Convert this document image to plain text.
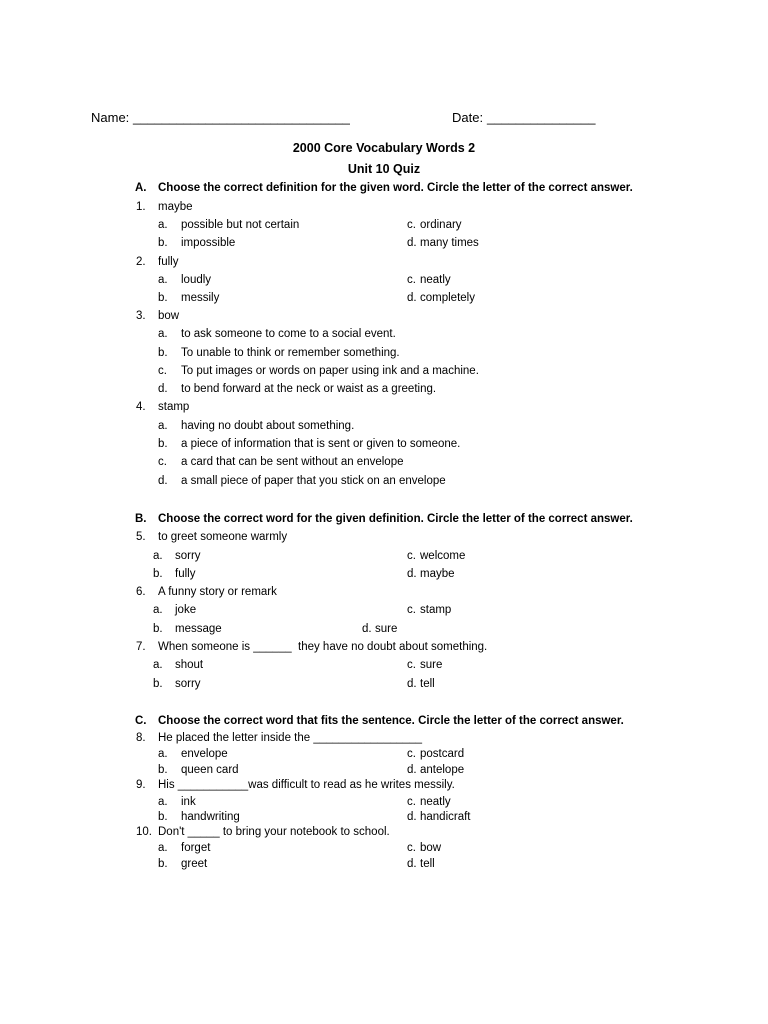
Name: ______________________________	Date: _______________
2000 Core Vocabulary Words 2
Unit 10 Quiz
A. Choose the correct definition for the given word. Circle the letter of the correct answer.
1. maybe
a. possible but not certain	c. ordinary
b. impossible	d. many times
2. fully
a. loudly	c. neatly
b. messily	d. completely
3. bow
a. to ask someone to come to a social event.
b. To unable to think or remember something.
c. To put images or words on paper using ink and a machine.
d. to bend forward at the neck or waist as a greeting.
4. stamp
a. having no doubt about something.
b. a piece of information that is sent or given to someone.
c. a card that can be sent without an envelope
d. a small piece of paper that you stick on an envelope
B. Choose the correct word for the given definition. Circle the letter of the correct answer.
5. to greet someone warmly
a. sorry	c. welcome
b. fully	d. maybe
6. A funny story or remark
a. joke	c. stamp
b. message	d. sure
7. When someone is ______  they have no doubt about something.
a. shout	c. sure
b. sorry	d. tell
C. Choose the correct word that fits the sentence. Circle the letter of the correct answer.
8. He placed the letter inside the _________________
a. envelope	c. postcard
b. queen card	d. antelope
9. His ___________was difficult to read as he writes messily.
a. ink	c. neatly
b. handwriting	d. handicraft
10. Don't _____ to bring your notebook to school.
a. forget	c. bow
b. greet	d. tell
